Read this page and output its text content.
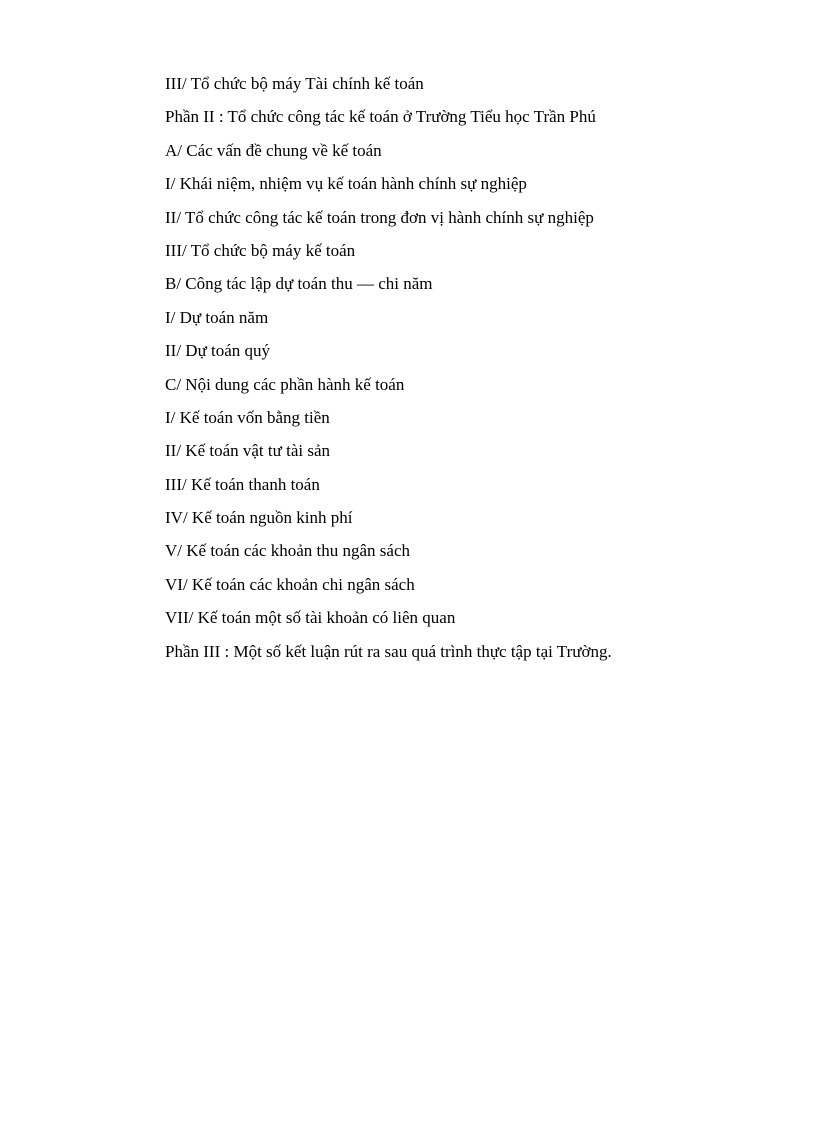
III/ Tổ chức bộ máy Tài chính kế toán
Phần II : Tổ chức công tác kế toán ở Trường Tiểu học Trần Phú
A/ Các vấn đề chung về kế toán
I/ Khái niệm, nhiệm vụ kế toán hành chính sự nghiệp
II/ Tổ chức công tác kế toán trong đơn vị hành chính sự nghiệp
III/ Tổ chức bộ máy kế toán
B/ Công tác lập dự toán thu — chi năm
I/ Dự toán năm
II/ Dự toán quý
C/ Nội dung các phần hành kế toán
I/ Kế toán vốn bằng tiền
II/ Kế toán vật tư tài sản
III/ Kế toán thanh toán
IV/ Kế toán nguồn kinh phí
V/ Kế toán các khoản thu ngân sách
VI/ Kế toán các khoản chi ngân sách
VII/ Kế toán một số tài khoản có liên quan
Phần III : Một số kết luận rút ra sau quá trình thực tập tại Trường.
